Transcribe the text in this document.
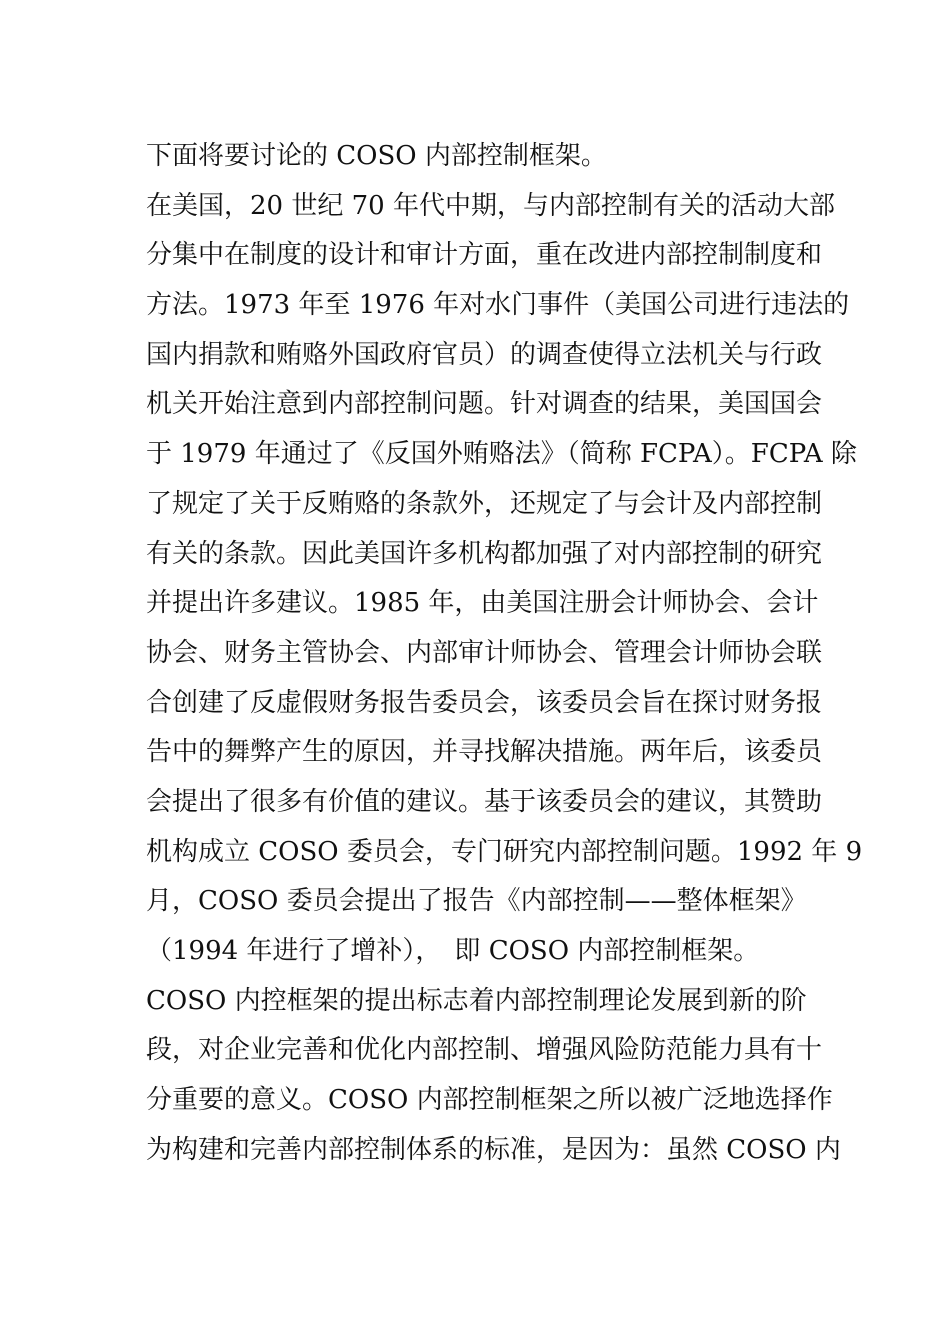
下面将要讨论的 COSO 内部控制框架。
在美国，20 世纪 70 年代中期，与内部控制有关的活动大部
分集中在制度的设计和审计方面，重在改进内部控制制度和
方法。1973 年至 1976 年对水门事件（美国公司进行违法的
国内捐款和贿赂外国政府官员）的调查使得立法机关与行政
机关开始注意到内部控制问题。针对调查的结果，美国国会
于 1979 年通过了《反国外贿赂法》（简称 FCPA）。FCPA 除
了规定了关于反贿赂的条款外，还规定了与会计及内部控制
有关的条款。因此美国许多机构都加强了对内部控制的研究
并提出许多建议。1985 年，由美国注册会计师协会、会计
协会、财务主管协会、内部审计师协会、管理会计师协会联
合创建了反虚假财务报告委员会，该委员会旨在探讨财务报
告中的舞弊产生的原因，并寻找解决措施。两年后，该委员
会提出了很多有价值的建议。基于该委员会的建议，其赞助
机构成立 COSO 委员会，专门研究内部控制问题。1992 年 9
月，COSO 委员会提出了报告《内部控制——整体框架》
（1994 年进行了增补），　即 COSO 内部控制框架。
COSO 内控框架的提出标志着内部控制理论发展到新的阶
段，对企业完善和优化内部控制、增强风险防范能力具有十
分重要的意义。COSO 内部控制框架之所以被广泛地选择作
为构建和完善内部控制体系的标准，是因为：虽然 COSO 内
